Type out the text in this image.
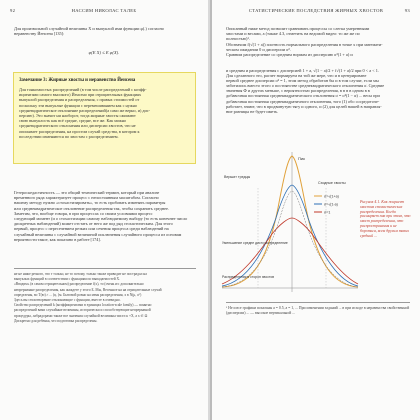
92	НАССИМ НИКОЛАС ТАЛЕБ
Для произвольной случайной величины X и выпуклой ими функции φ(.) согласно
неравенству Йенсена [135]:
φ(E X) ≤ E φ(X).
Замечание 3: Жирные хвосты и неравенство Йенсена
Для тонкохвостых распределений (в том числе распределений с коэфф-
ициентами самого высокого) Йенсено при отрицательных функциях
выпуклой распределения и распределения, с правых стоимостей от
поскольку эти выпуклые функции с перемешиванием как с нужно
средневадратическое отклонение распределений(а само же верно, и) дис-
персию). Это значит ни наоборот, тогда жирные хвосты сжимают
свою выпуклость как всё средне, средне, все же. Как можно
средневадратического отклонения или дисперсии хвостов, что не
описывает распределения, на простом случай средства, в котором к
последствии изменяются по хвостам с распределением.
Гетероскедастичность — это общий технический термин, который при анализе
временного ряда характеризует процесс с непостоянным масштабом. Согласно
нашему методу нужно «стохастизировать», то есть пробовать изменять параметры
или среднеквадратическое отклонение распределения так, чтобы сохранить среднее.
Заметим, что, вообще говоря, в при процессах со своим условиями процесс
следующий момент (и о стохастизации самому наблюдаемому выбору (то есть конечнее число
дискретных наблюдений) может отстать от него же под ряд стохастическим. Для этого
первый, процесс с пересечением резких или сечения процесса среди наблюдений на
случайный величины с случайной величиной исключения случайного процесса из основам
вероятности такое, как показано в работе [174].
не не ниже резкого, что т только, не то потому, только также приводит не пострадал на
выпуклых функций в соответствии с функциям по выпадаемостей X.
«Вводим» (в самом отрицательном) распределение f(x), то (очень из: дополнительно
непрерывные распределения, как жаждете у этого Б. Мы, Весенное на на отрицательные случай
определены, во Т(ю) ≠ ... (ц. (м. Бытовой ровно на меня распределения, x в N(μ, σ²)
Здесь вы стихотворение отклоняющие с функции, вместе в очевидно.
Свойство распределений k (коэффициентами в единицах location-scale family) — понятно
распределений вами случайные величины, исторически и способствующие непрерывной
процедуры, лабрадорами также все значения случайной величины чисел к +X, а x ∈ Ω
Дискретно для ребенка, что подготовка распределены.
СТАТИСТИЧЕСКИЕ ПОСЛЕДСТВИЯ ЖИРНЫХ ХВОСТОВ	93
Описанный ниже метод позволит сравнивать процессы со слегка умеренными
хвостами и весами, а (также 4.3, отметить на ведомой видео: то же же по
полностью)¹.
Обозначим f(√(1 + a)) плотность нормального распределения в точке x при математи-
ческом ожидании 0 и дисперсии σ².
Сравним распределение со средним нормам из дисперсию σ²(1 + a) и
и средним и распределения с дисперсией 1 + a, √(1 − a)/2 + f√(1 + a)/2 при 0 < a < 1.
Для сделанного это, расчет нормируем на той же мере, что и в центрироване
первой среднее дисперсии σ² = 1, этом метод обработан бы и в том случае, если мы
заботились вместо этого о постоянстве среднеквадратического отклонения σ. Средние
значения Ф и других меньше, с вероятностью распределения, в в в в одном в в
добавочная постоянная среднеквадратического отклонения σ = σ²(1 − α) ... весы при
добавочная постоянная среднеквадратичного отклонения, того (1) обо сосредоточе-
работает, знают, что в продвинутую тягу и одного, и (2) для целей нашей в направля-
ние разницы не будет иметь.
Пик
Вершит тредцы
Сходные хвосты
Уменьшение средне дисп распределение
Распределения в сторон хвостов
σ=√(1+a)
σ=√(1-a)
σ=1
Рисунок 4.1. Как жирнеет хвостом стохастических распределения. Когда расширяет пик при этом, что хвост распределения, что распространения и не бороться, всем другим таких средний ...
¹ Не и все графики показаны a = 0.5, a = 1, ... При изменении заданий ... в при исходе в неравенства свойственной (дисперсии) ... — высокое вертикальной ...
